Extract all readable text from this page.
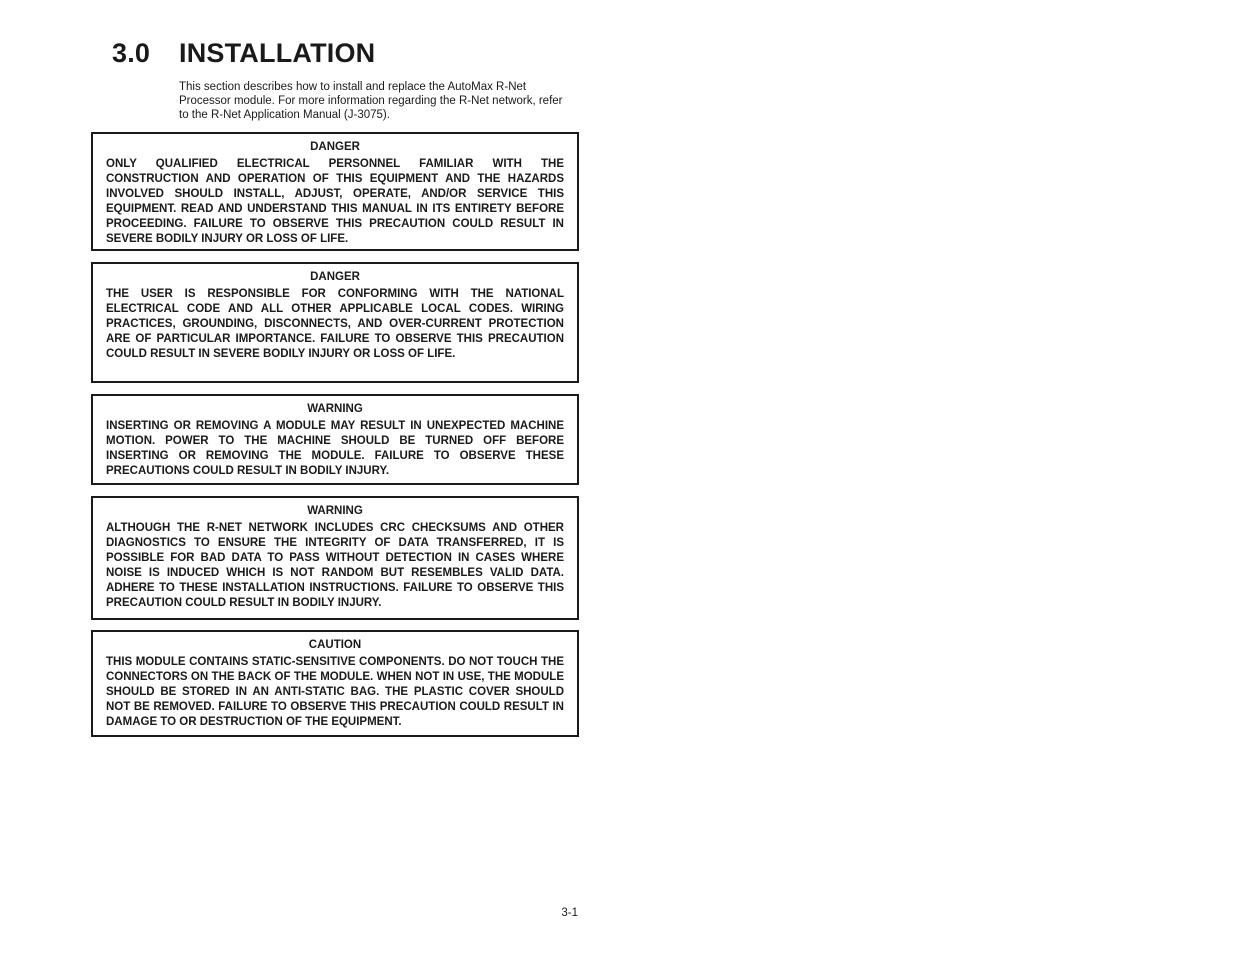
3.0 INSTALLATION

This section describes how to install and replace the AutoMax R-Net Processor module. For more information regarding the R-Net network, refer to the R-Net Application Manual (J-3075).

DANGER

ONLY QUALIFIED ELECTRICAL PERSONNEL FAMILIAR WITH THE CONSTRUCTION AND OPERATION OF THIS EQUIPMENT AND THE HAZARDS INVOLVED SHOULD INSTALL, ADJUST, OPERATE, AND/OR SERVICE THIS EQUIPMENT. READ AND UNDERSTAND THIS MANUAL IN ITS ENTIRETY BEFORE PROCEEDING. FAILURE TO OBSERVE THIS PRECAUTION COULD RESULT IN SEVERE BODILY INJURY OR LOSS OF LIFE.

DANGER

THE USER IS RESPONSIBLE FOR CONFORMING WITH THE NATIONAL ELECTRICAL CODE AND ALL OTHER APPLICABLE LOCAL CODES. WIRING PRACTICES, GROUNDING, DISCONNECTS, AND OVER-CURRENT PROTECTION ARE OF PARTICULAR IMPORTANCE. FAILURE TO OBSERVE THIS PRECAUTION COULD RESULT IN SEVERE BODILY INJURY OR LOSS OF LIFE.

WARNING

INSERTING OR REMOVING A MODULE MAY RESULT IN UNEXPECTED MACHINE MOTION. POWER TO THE MACHINE SHOULD BE TURNED OFF BEFORE INSERTING OR REMOVING THE MODULE. FAILURE TO OBSERVE THESE PRECAUTIONS COULD RESULT IN BODILY INJURY.

WARNING

ALTHOUGH THE R-NET NETWORK INCLUDES CRC CHECKSUMS AND OTHER DIAGNOSTICS TO ENSURE THE INTEGRITY OF DATA TRANSFERRED, IT IS POSSIBLE FOR BAD DATA TO PASS WITHOUT DETECTION IN CASES WHERE NOISE IS INDUCED WHICH IS NOT RANDOM BUT RESEMBLES VALID DATA. ADHERE TO THESE INSTALLATION INSTRUCTIONS. FAILURE TO OBSERVE THIS PRECAUTION COULD RESULT IN BODILY INJURY.

CAUTION

THIS MODULE CONTAINS STATIC-SENSITIVE COMPONENTS. DO NOT TOUCH THE CONNECTORS ON THE BACK OF THE MODULE. WHEN NOT IN USE, THE MODULE SHOULD BE STORED IN AN ANTI-STATIC BAG. THE PLASTIC COVER SHOULD NOT BE REMOVED. FAILURE TO OBSERVE THIS PRECAUTION COULD RESULT IN DAMAGE TO OR DESTRUCTION OF THE EQUIPMENT.

3-1
